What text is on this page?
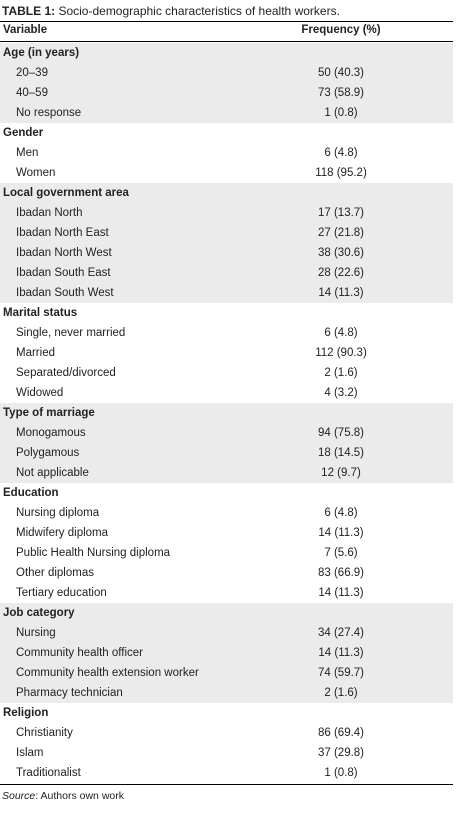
TABLE 1: Socio-demographic characteristics of health workers.
Variable	Frequency (%)
Age (in years)
20–39	50 (40.3)
40–59	73 (58.9)
No response	1 (0.8)
Gender
Men	6 (4.8)
Women	118 (95.2)
Local government area
Ibadan North	17 (13.7)
Ibadan North East	27 (21.8)
Ibadan North West	38 (30.6)
Ibadan South East	28 (22.6)
Ibadan South West	14 (11.3)
Marital status
Single, never married	6 (4.8)
Married	112 (90.3)
Separated/divorced	2 (1.6)
Widowed	4 (3.2)
Type of marriage
Monogamous	94 (75.8)
Polygamous	18 (14.5)
Not applicable	12 (9.7)
Education
Nursing diploma	6 (4.8)
Midwifery diploma	14 (11.3)
Public Health Nursing diploma	7 (5.6)
Other diplomas	83 (66.9)
Tertiary education	14 (11.3)
Job category
Nursing	34 (27.4)
Community health officer	14 (11.3)
Community health extension worker	74 (59.7)
Pharmacy technician	2 (1.6)
Religion
Christianity	86 (69.4)
Islam	37 (29.8)
Traditionalist	1 (0.8)
Source: Authors own work
